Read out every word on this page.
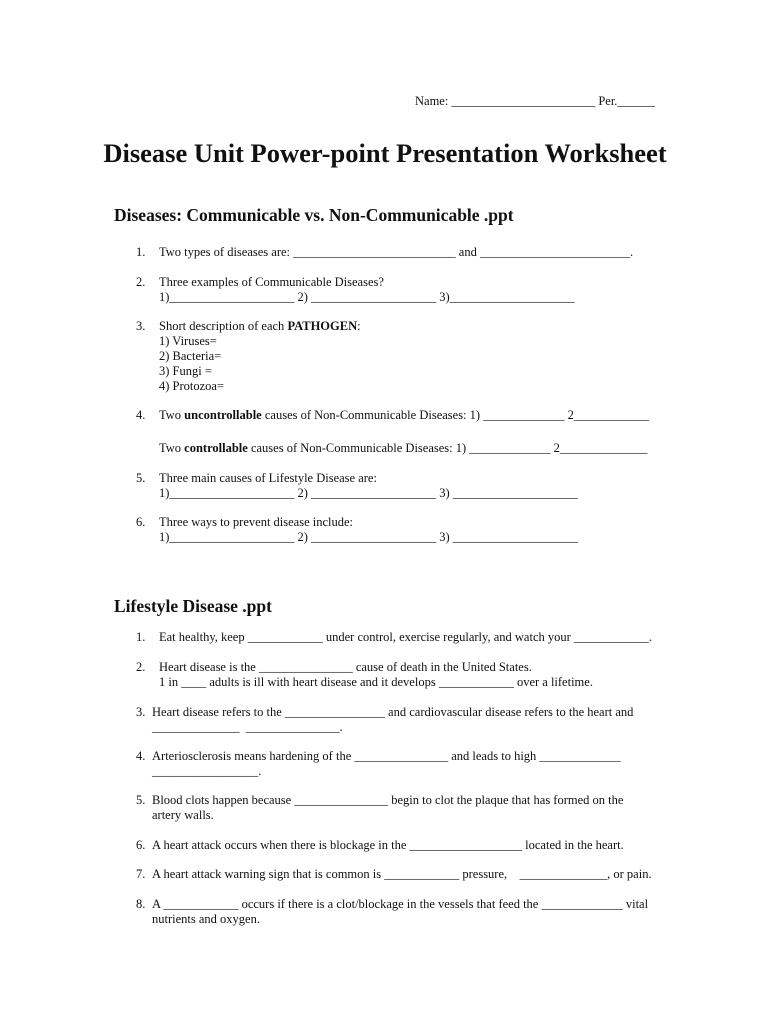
Name: _______________________ Per.______
Disease Unit Power-point Presentation Worksheet
Diseases: Communicable vs. Non-Communicable .ppt
1. Two types of diseases are: __________________________ and ________________________.
2. Three examples of Communicable Diseases?
1)____________________ 2) ____________________ 3)____________________
3. Short description of each PATHOGEN:
1) Viruses=
2) Bacteria=
3) Fungi =
4) Protozoa=
4. Two uncontrollable causes of Non-Communicable Diseases: 1) _____________ 2____________
Two controllable causes of Non-Communicable Diseases: 1) _____________ 2______________
5. Three main causes of Lifestyle Disease are:
1)____________________ 2) ____________________ 3) ____________________
6. Three ways to prevent disease include:
1)____________________ 2) ____________________ 3) ____________________
Lifestyle Disease .ppt
1. Eat healthy, keep ____________ under control, exercise regularly, and watch your ____________.
2. Heart disease is the _______________ cause of death in the United States.
1 in ____ adults is ill with heart disease and it develops ____________ over a lifetime.
3. Heart disease refers to the ________________ and cardiovascular disease refers to the heart and
______________  _______________.
4. Arteriosclerosis means hardening of the _______________ and leads to high _____________
_________________.
5. Blood clots happen because _______________ begin to clot the plaque that has formed on the
artery walls.
6. A heart attack occurs when there is blockage in the __________________ located in the heart.
7. A heart attack warning sign that is common is ____________ pressure,    ______________, or pain.
8. A ____________ occurs if there is a clot/blockage in the vessels that feed the _____________ vital
nutrients and oxygen.
